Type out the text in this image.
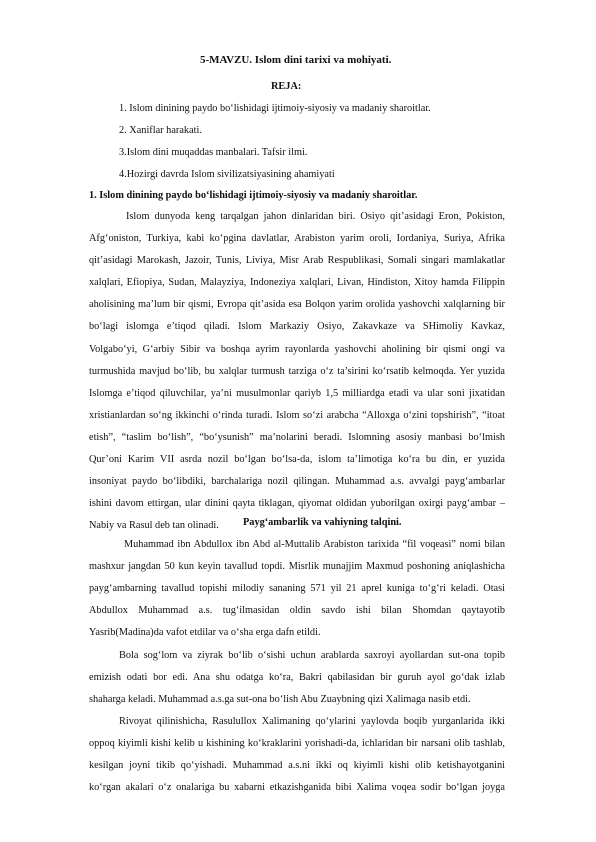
5-MAVZU. Islom dini tarixi va mohiyati.
REJA:
1. Islom dinining paydo bo‘lishidagi ijtimoiy-siyosiy va madaniy sharoitlar.
2. Xaniflar harakati.
3.Islom dini muqaddas manbalari. Tafsir ilmi.
4.Hozirgi davrda Islom sivilizatsiyasining ahamiyati
1. Islom dinining paydo bo‘lishidagi ijtimoiy-siyosiy va madaniy sharoitlar.
Islom dunyoda keng tarqalgan jahon dinlaridan biri. Osiyo qit’asidagi Eron, Pokiston,
Afg‘oniston, Turkiya, kabi ko‘pgina davlatlar, Arabiston yarim oroli, Iordaniya, Suriya, Afrika
qit’asidagi Marokash, Jazoir, Tunis, Liviya, Misr Arab Respublikasi, Somali singari mamlakatlar
xalqlari, Efiopiya, Sudan, Malayziya, Indoneziya xalqlari, Livan, Hindiston, Xitoy hamda Filippin
aholisining ma’lum bir qismi, Evropa qit’asida esa Bolqon yarim orolida yashovchi xalqlarning bir
bo‘lagi islomga e’tiqod qiladi. Islom Markaziy Osiyo, Zakavkaze va SHimoliy Kavkaz,
Volgabo‘yi, G‘arbiy Sibir va boshqa ayrim rayonlarda yashovchi aholining bir qismi ongi va
turmushida mavjud bo‘lib, bu xalqlar turmush tarziga o‘z ta’sirini ko‘rsatib kelmoqda. Yer yuzida
Islomga e’tiqod qiluvchilar, ya’ni musulmonlar qariyb 1,5 milliardga etadi va ular soni jixatidan
xristianlardan so‘ng ikkinchi o‘rinda turadi. Islom so‘zi arabcha “Alloxga o‘zini topshirish”, “itoat
etish”, “taslim bo‘lish”, “bo‘ysunish” ma’nolarini beradi. Islomning asosiy manbasi bo‘lmish
Qur’oni Karim VII asrda nozil bo‘lgan bo‘lsa-da, islom ta’limotiga ko‘ra bu din, er yuzida
insoniyat paydo bo‘libdiki, barchalariga nozil qilingan. Muhammad a.s. avvalgi payg‘ambarlar
ishini davom ettirgan, ular dinini qayta tiklagan, qiyomat oldidan yuborilgan oxirgi payg‘ambar –
Nabiy va Rasul deb tan olinadi.	Payg‘ambarlik va vahiyning talqini.
Muhammad ibn Abdullox ibn Abd al-Muttalib Arabiston tarixida “fil voqeasi” nomi bilan
mashxur jangdan 50 kun keyin tavallud topdi. Misrlik munajjim Maxmud poshoning aniqlashicha
payg‘ambarning tavallud topishi milodiy sananing 571 yil 21 aprel kuniga to‘g‘ri keladi. Otasi
Abdullox Muhammad a.s. tug‘ilmasidan oldin savdo ishi bilan Shomdan qaytayotib
Yasrib(Madina)da vafot etdilar va o‘sha erga dafn etildi.
Bola sog‘lom va ziyrak bo‘lib o‘sishi uchun arablarda saxroyi ayollardan sut-ona topib
emizish odati bor edi. Ana shu odatga ko‘ra, Bakri qabilasidan bir guruh ayol go‘dak izlab
shaharga keladi. Muhammad a.s.ga sut-ona bo‘lish Abu Zuaybning qizi Xalimaga nasib etdi.
Rivoyat qilinishicha, Rasulullox Xalimaning qo‘ylarini yaylovda boqib yurganlarida ikki
oppoq kiyimli kishi kelib u kishining ko‘kraklarini yorishadi-da, ichlaridan bir narsani olib tashlab,
kesilgan joyni tikib qo‘yishadi. Muhammad a.s.ni ikki oq kiyimli kishi olib ketishayotganini
ko‘rgan akalari o‘z onalariga bu xabarni etkazishganida bibi Xalima voqea sodir bo‘lgan joyga
